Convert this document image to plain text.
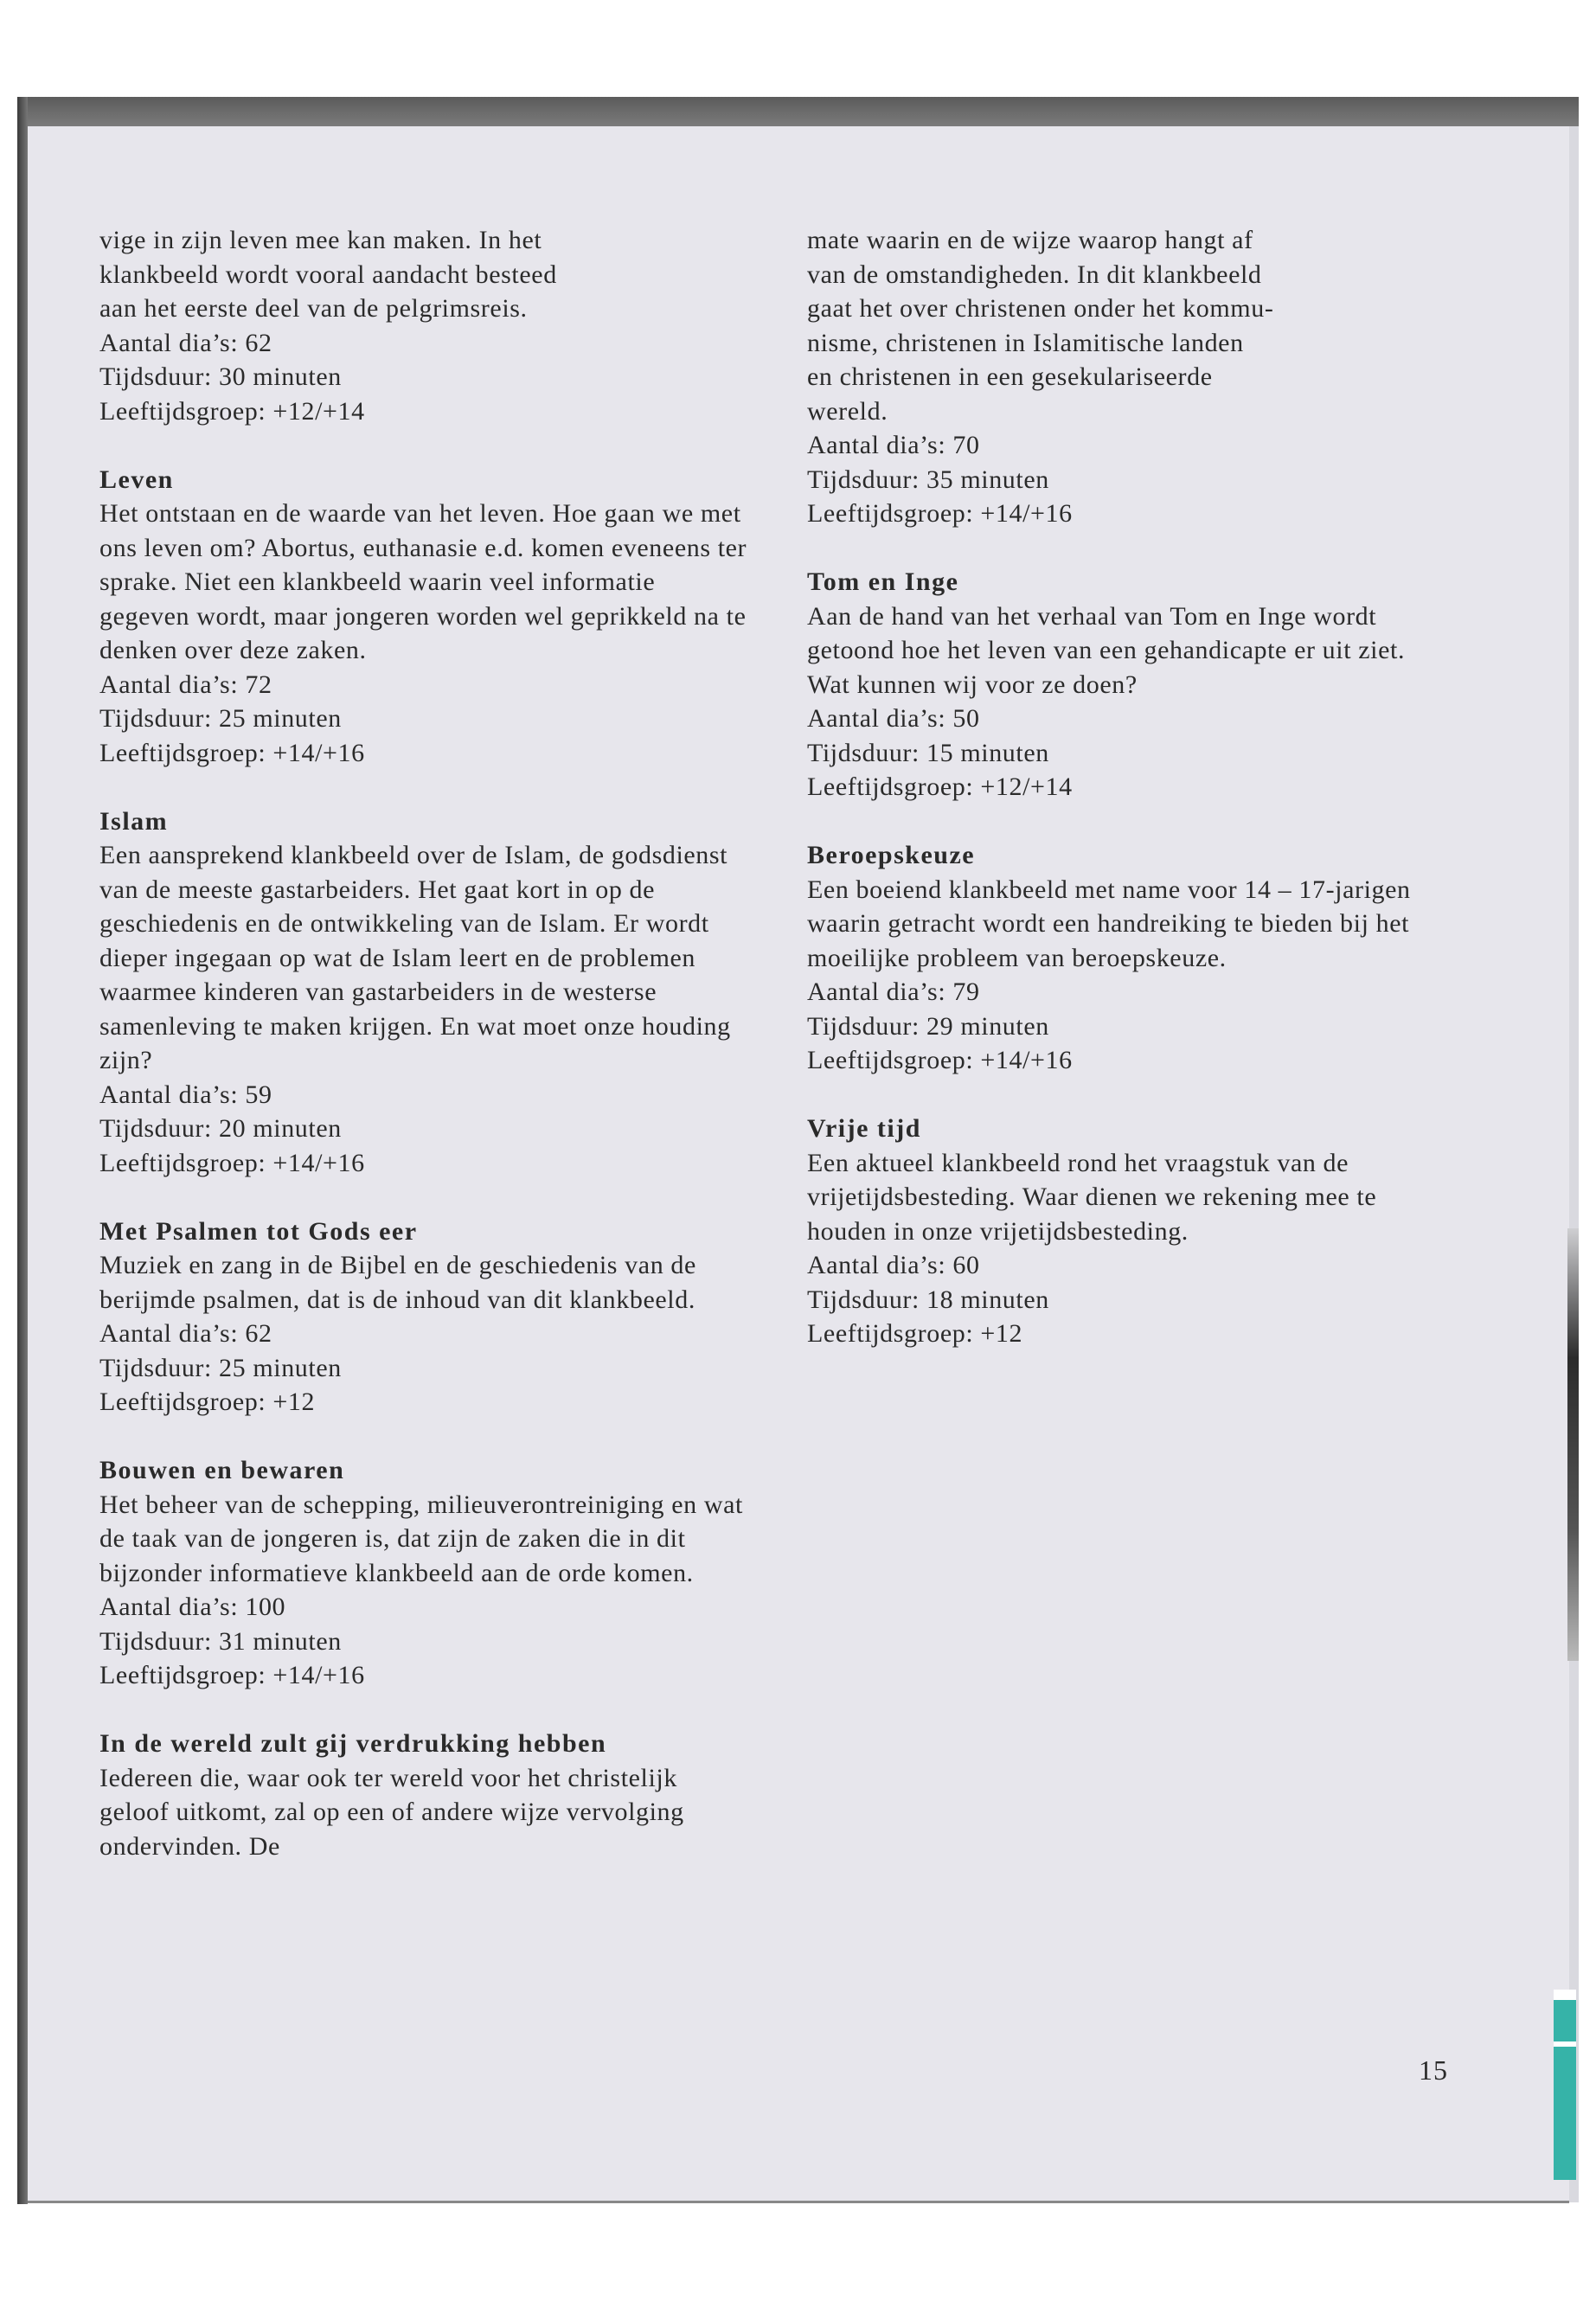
vige in zijn leven mee kan maken. In het

klankbeeld wordt vooral aandacht besteed

aan het eerste deel van de pelgrimsreis.

Aantal dia’s: 62

Tijdsduur: 30 minuten

Leeftijdsgroep: +12/+14

Leven

Het ontstaan en de waarde van het leven. Hoe gaan we met ons leven om? Abortus, euthanasie e.d. komen eveneens ter sprake. Niet een klankbeeld waarin veel informatie gegeven wordt, maar jongeren worden wel geprikkeld na te denken over deze zaken.

Aantal dia’s: 72

Tijdsduur: 25 minuten

Leeftijdsgroep: +14/+16

Islam

Een aansprekend klankbeeld over de Islam, de godsdienst van de meeste gastarbeiders. Het gaat kort in op de geschiedenis en de ontwikkeling van de Islam. Er wordt dieper ingegaan op wat de Islam leert en de problemen waarmee kinderen van gastarbeiders in de westerse samenleving te maken krijgen. En wat moet onze houding zijn?

Aantal dia’s: 59

Tijdsduur: 20 minuten

Leeftijdsgroep: +14/+16

Met Psalmen tot Gods eer

Muziek en zang in de Bijbel en de geschiedenis van de berijmde psalmen, dat is de inhoud van dit klankbeeld.

Aantal dia’s: 62

Tijdsduur: 25 minuten

Leeftijdsgroep: +12

Bouwen en bewaren

Het beheer van de schepping, milieuverontreiniging en wat de taak van de jongeren is, dat zijn de zaken die in dit bijzonder informatieve klankbeeld aan de orde komen.

Aantal dia’s: 100

Tijdsduur: 31 minuten

Leeftijdsgroep: +14/+16

In de wereld zult gij verdrukking hebben

Iedereen die, waar ook ter wereld voor het christelijk geloof uitkomt, zal op een of andere wijze vervolging ondervinden. De

mate waarin en de wijze waarop hangt af

van de omstandigheden. In dit klankbeeld

gaat het over christenen onder het kommu-

nisme, christenen in Islamitische landen

en christenen in een gesekulariseerde

wereld.

Aantal dia’s: 70

Tijdsduur: 35 minuten

Leeftijdsgroep: +14/+16

Tom en Inge

Aan de hand van het verhaal van Tom en Inge wordt getoond hoe het leven van een gehandicapte er uit ziet. Wat kunnen wij voor ze doen?

Aantal dia’s: 50

Tijdsduur: 15 minuten

Leeftijdsgroep: +12/+14

Beroepskeuze

Een boeiend klankbeeld met name voor 14 – 17-jarigen waarin getracht wordt een handreiking te bieden bij het moeilijke probleem van beroepskeuze.

Aantal dia’s: 79

Tijdsduur: 29 minuten

Leeftijdsgroep: +14/+16

Vrije tijd

Een aktueel klankbeeld rond het vraagstuk van de vrijetijdsbesteding. Waar dienen we rekening mee te houden in onze vrijetijdsbesteding.

Aantal dia’s: 60

Tijdsduur: 18 minuten

Leeftijdsgroep: +12

15
